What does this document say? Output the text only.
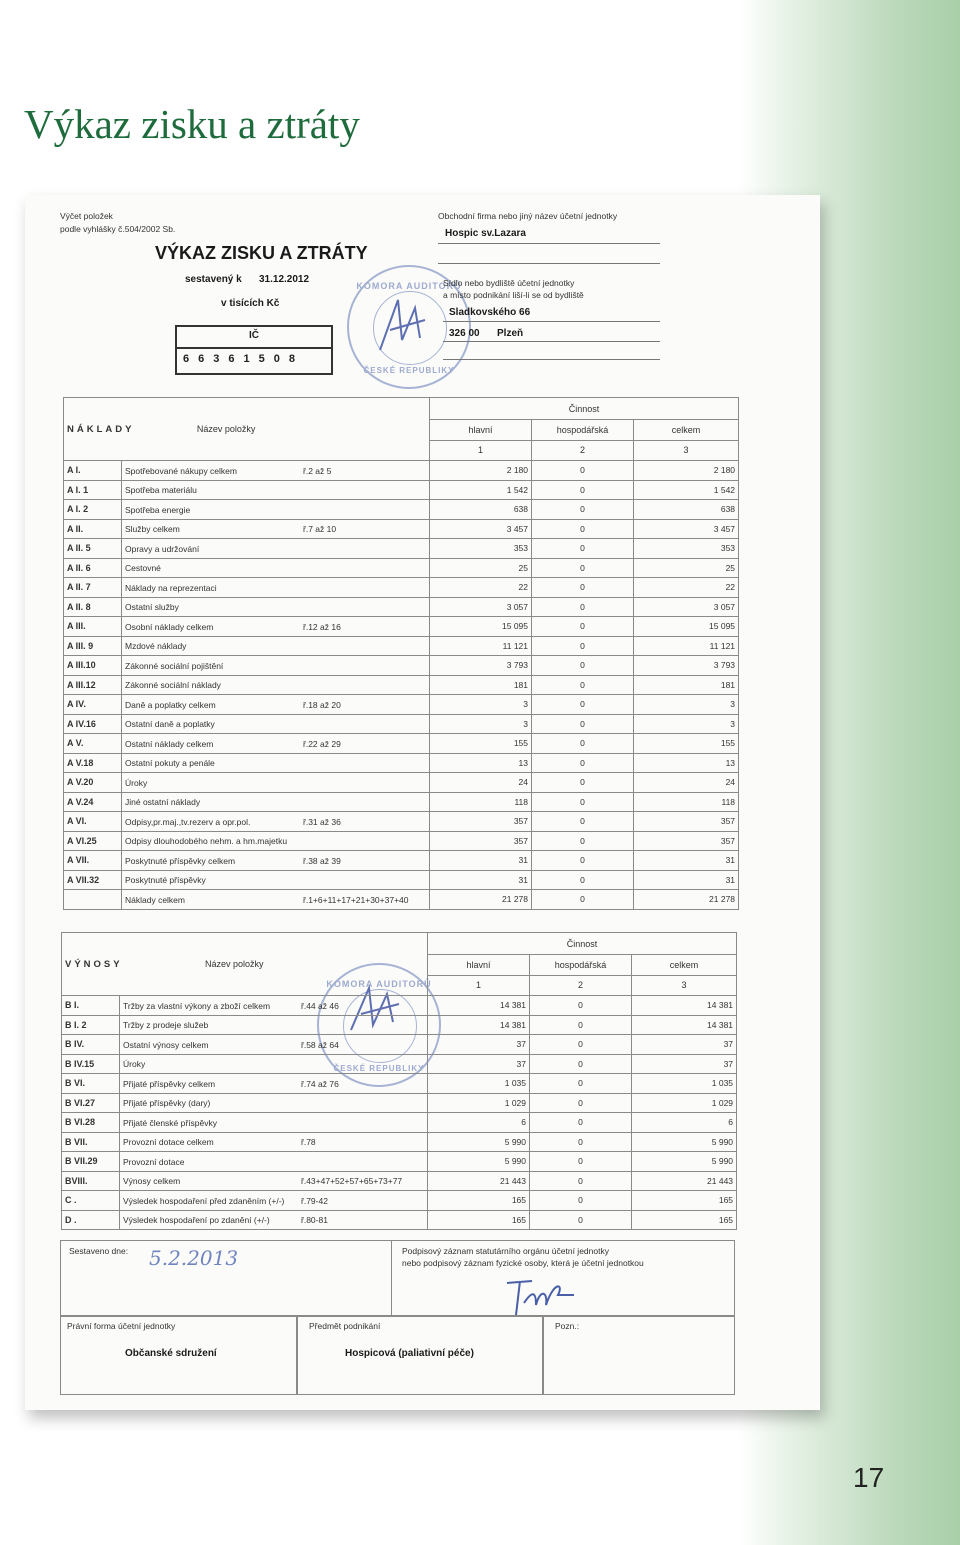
Výkaz zisku a ztráty
17
Výčet položek
podle vyhlášky č.504/2002 Sb.
VÝKAZ ZISKU A ZTRÁTY
sestavený k 31.12.2012
v tisících Kč
IČ
66361508
KOMORA AUDITORŮ
ČESKÉ REPUBLIKY
Obchodní firma nebo jiný název účetní jednotky
Hospic sv.Lazara
Sídlo nebo bydliště účetní jednotky
a místo podnikání liší-li se od bydliště
Sladkovského 66
326 00 Plzeň
NÁKLADY Název položky		Činnost		
		hlavní	hospodářská	celkem
		1	2	3
A I.	Spotřebované nákupy celkem ř.2 až 5	2 180	0	2 180
A I. 1	Spotřeba materiálu	1 542	0	1 542
A I. 2	Spotřeba energie	638	0	638
A II.	Služby celkem ř.7 až 10	3 457	0	3 457
A II. 5	Opravy a udržování	353	0	353
A II. 6	Cestovné	25	0	25
A II. 7	Náklady na reprezentaci	22	0	22
A II. 8	Ostatní služby	3 057	0	3 057
A III.	Osobní náklady celkem ř.12 až 16	15 095	0	15 095
A III. 9	Mzdové náklady	11 121	0	11 121
A III.10	Zákonné sociální pojištění	3 793	0	3 793
A III.12	Zákonné sociální náklady	181	0	181
A IV.	Daně a poplatky celkem ř.18 až 20	3	0	3
A IV.16	Ostatní daně a poplatky	3	0	3
A V.	Ostatní náklady celkem ř.22 až 29	155	0	155
A V.18	Ostatní pokuty a penále	13	0	13
A V.20	Úroky	24	0	24
A V.24	Jiné ostatní náklady	118	0	118
A VI.	Odpisy,pr.maj.,tv.rezerv a opr.pol. ř.31 až 36	357	0	357
A VI.25	Odpisy dlouhodobého nehm. a hm.majetku	357	0	357
A VII.	Poskytnuté příspěvky celkem ř.38 až 39	31	0	31
A VII.32	Poskytnuté příspěvky	31	0	31
	Náklady celkem ř.1+6+11+17+21+30+37+40	21 278	0	21 278
KOMORA AUDITORŮ
ČESKÉ REPUBLIKY
VÝNOSY Název položky		Činnost		
		hlavní	hospodářská	celkem
		1	2	3
B I.	Tržby za vlastní výkony a zboží celkem ř.44 až 46	14 381	0	14 381
B I. 2	Tržby z prodeje služeb	14 381	0	14 381
B IV.	Ostatní výnosy celkem ř.58 až 64	37	0	37
B IV.15	Úroky	37	0	37
B VI.	Přijaté příspěvky celkem ř.74 až 76	1 035	0	1 035
B VI.27	Přijaté příspěvky (dary)	1 029	0	1 029
B VI.28	Přijaté členské příspěvky	6	0	6
B VII.	Provozní dotace celkem ř.78	5 990	0	5 990
B VII.29	Provozní dotace	5 990	0	5 990
BVIII.	Výnosy celkem ř.43+47+52+57+65+73+77	21 443	0	21 443
C .	Výsledek hospodaření před zdaněním (+/-) ř.79-42	165	0	165
D .	Výsledek hospodaření po zdanění (+/-) ř.80-81	165	0	165
Sestaveno dne: 5.2.2013	Podpisový záznam statutárního orgánu účetní jednotky
nebo podpisový záznam fyzické osoby, která je účetní jednotkou
Právní forma účetní jednotky
Občanské sdružení
Předmět podnikání
Hospicová (paliativní péče)
Pozn.:
